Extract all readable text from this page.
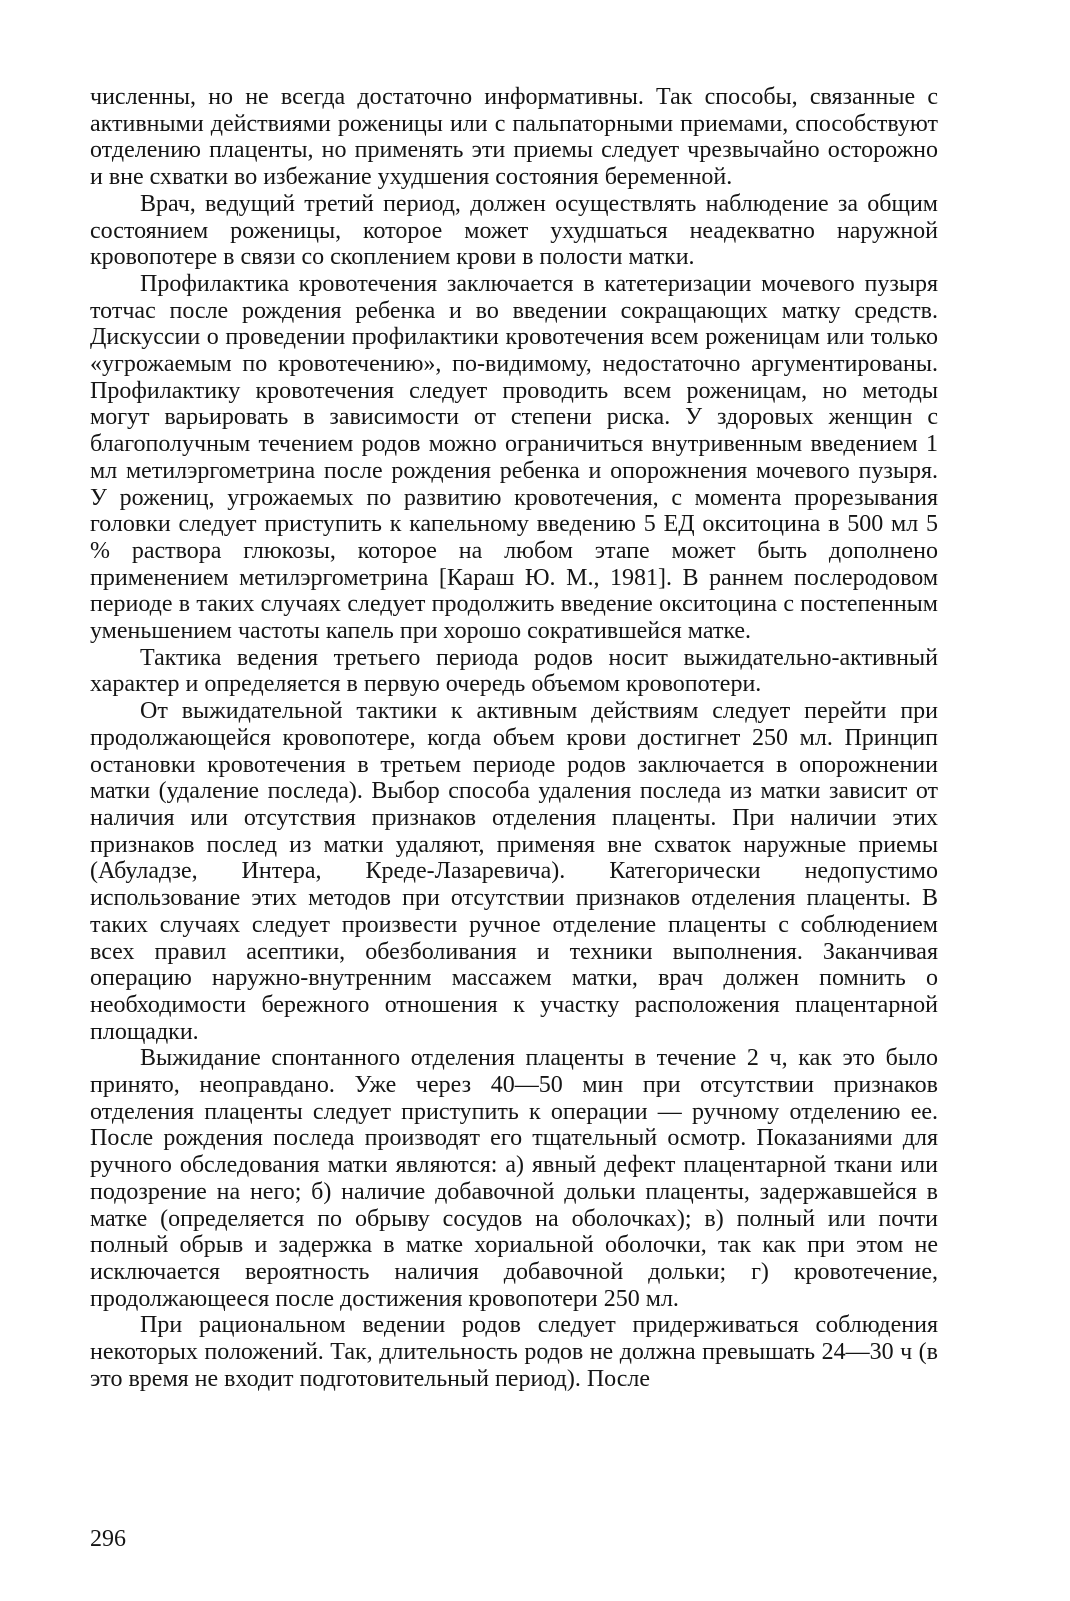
численны, но не всегда достаточно информативны. Так способы, связанные с активными действиями роженицы или с пальпаторными приемами, способствуют отделению плаценты, но применять эти приемы следует чрезвычайно осторожно и вне схватки во избежание ухудшения состояния беременной.

Врач, ведущий третий период, должен осуществлять наблюдение за общим состоянием роженицы, которое может ухудшаться неадекватно наружной кровопотере в связи со скоплением крови в полости матки.

Профилактика кровотечения заключается в катетеризации мочевого пузыря тотчас после рождения ребенка и во введении сокращающих матку средств. Дискуссии о проведении профилактики кровотечения всем роженицам или только «угрожаемым по кровотечению», по-видимому, недостаточно аргументированы. Профилактику кровотечения следует проводить всем роженицам, но методы могут варьировать в зависимости от степени риска. У здоровых женщин с благополучным течением родов можно ограничиться внутривенным введением 1 мл метилэргометрина после рождения ребенка и опорожнения мочевого пузыря. У рожениц, угрожаемых по развитию кровотечения, с момента прорезывания головки следует приступить к капельному введению 5 ЕД окситоцина в 500 мл 5 % раствора глюкозы, которое на любом этапе может быть дополнено применением метилэргометрина [Караш Ю. М., 1981]. В раннем послеродовом периоде в таких случаях следует продолжить введение окситоцина с постепенным уменьшением частоты капель при хорошо сократившейся матке.

Тактика ведения третьего периода родов носит выжидательно-активный характер и определяется в первую очередь объемом кровопотери.

От выжидательной тактики к активным действиям следует перейти при продолжающейся кровопотере, когда объем крови достигнет 250 мл. Принцип остановки кровотечения в третьем периоде родов заключается в опорожнении матки (удаление последа). Выбор способа удаления последа из матки зависит от наличия или отсутствия признаков отделения плаценты. При наличии этих признаков послед из матки удаляют, применяя вне схваток наружные приемы (Абуладзе, Интера, Креде-Лазаревича). Категорически недопустимо использование этих методов при отсутствии признаков отделения плаценты. В таких случаях следует произвести ручное отделение плаценты с соблюдением всех правил асептики, обезболивания и техники выполнения. Заканчивая операцию наружно-внутренним массажем матки, врач должен помнить о необходимости бережного отношения к участку расположения плацентарной площадки.

Выжидание спонтанного отделения плаценты в течение 2 ч, как это было принято, неоправдано. Уже через 40—50 мин при отсутствии признаков отделения плаценты следует приступить к операции — ручному отделению ее. После рождения последа производят его тщательный осмотр. Показаниями для ручного обследования матки являются: а) явный дефект плацентарной ткани или подозрение на него; б) наличие добавочной дольки плаценты, задержавшейся в матке (определяется по обрыву сосудов на оболочках); в) полный или почти полный обрыв и задержка в матке хориальной оболочки, так как при этом не исключается вероятность наличия добавочной дольки; г) кровотечение, продолжающееся после достижения кровопотери 250 мл.

При рациональном ведении родов следует придерживаться соблюдения некоторых положений. Так, длительность родов не должна превышать 24—30 ч (в это время не входит подготовительный период). После

296
